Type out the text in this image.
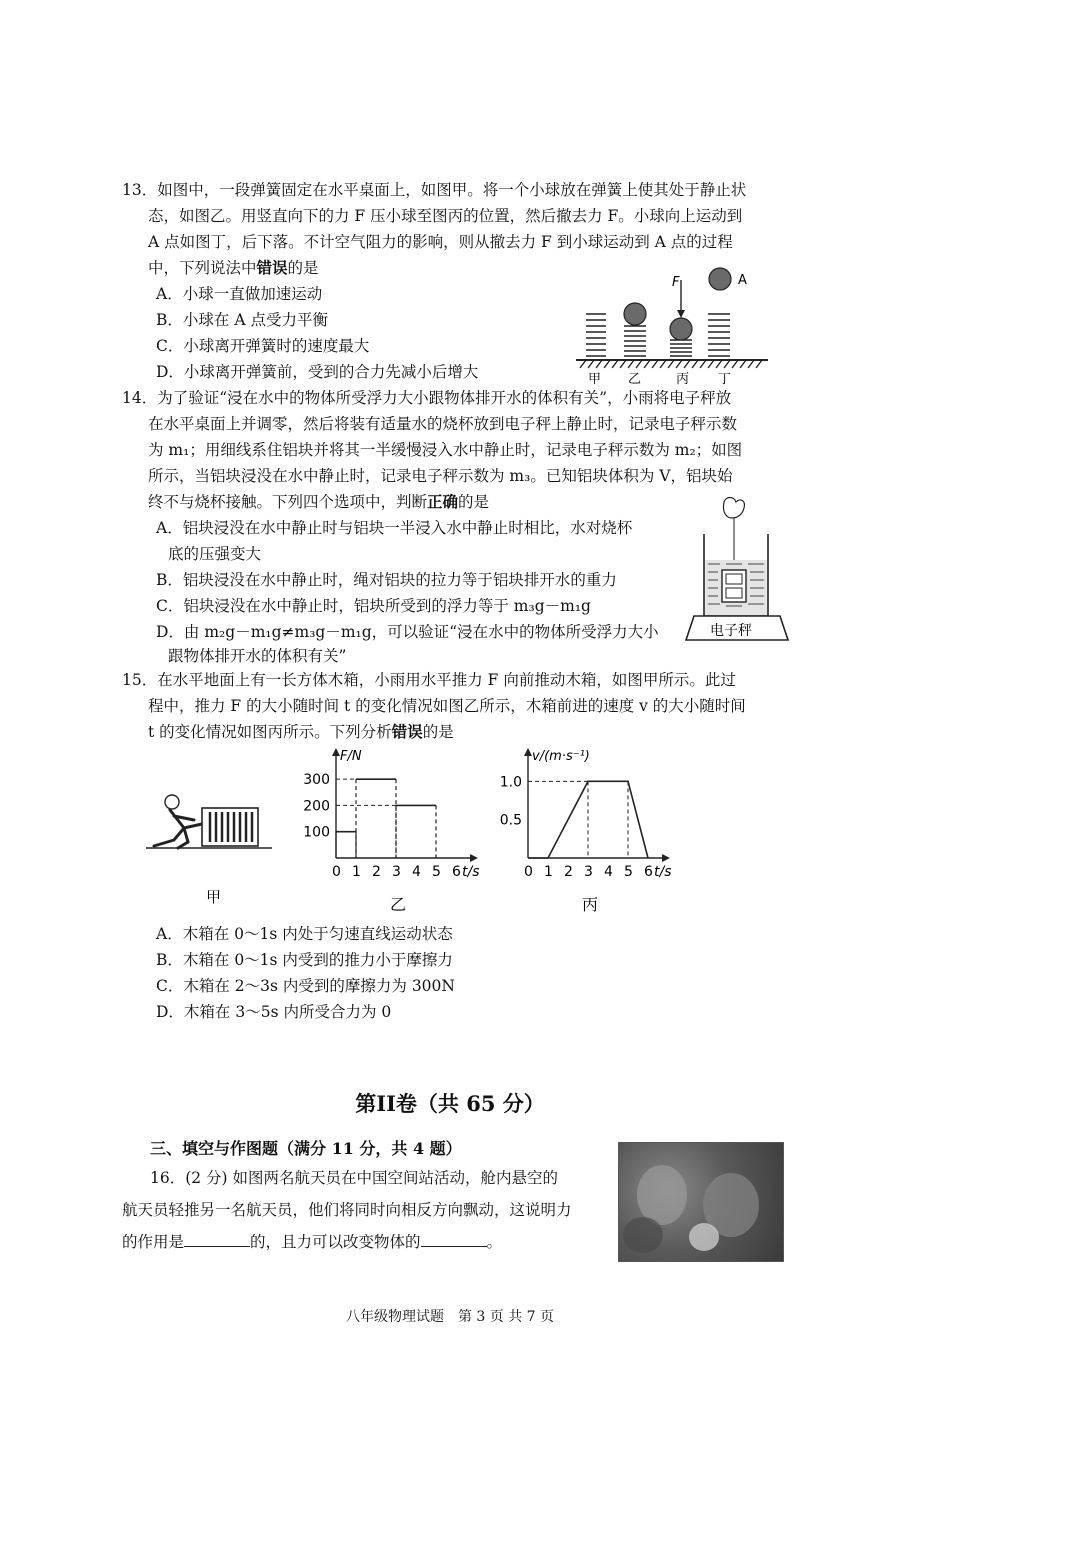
13．如图中，一段弹簧固定在水平桌面上，如图甲。将一个小球放在弹簧上使其处于静止状
态，如图乙。用竖直向下的力 F 压小球至图丙的位置，然后撤去力 F。小球向上运动到
A 点如图丁，后下落。不计空气阻力的影响，则从撤去力 F 到小球运动到 A 点的过程
中，下列说法中错误的是
A．小球一直做加速运动
B．小球在 A 点受力平衡
C．小球离开弹簧时的速度最大
D．小球离开弹簧前，受到的合力先减小后增大
F	A
甲 乙	丙 丁
14．为了验证“浸在水中的物体所受浮力大小跟物体排开水的体积有关”，小雨将电子秤放
在水平桌面上并调零，然后将装有适量水的烧杯放到电子秤上静止时，记录电子秤示数
为 m₁；用细线系住铝块并将其一半缓慢浸入水中静止时，记录电子秤示数为 m₂；如图
所示，当铝块浸没在水中静止时，记录电子秤示数为 m₃。已知铝块体积为 V，铝块始
终不与烧杯接触。下列四个选项中，判断正确的是
A．铝块浸没在水中静止时与铝块一半浸入水中静止时相比，水对烧杯
底的压强变大
B．铝块浸没在水中静止时，绳对铝块的拉力等于铝块排开水的重力
C．铝块浸没在水中静止时，铝块所受到的浮力等于 m₃g－m₁g
D．由 m₂g－m₁g≠m₃g－m₁g，可以验证“浸在水中的物体所受浮力大小
跟物体排开水的体积有关”
电子秤
15．在水平地面上有一长方体木箱，小雨用水平推力 F 向前推动木箱，如图甲所示。此过
程中，推力 F 的大小随时间 t 的变化情况如图乙所示，木箱前进的速度 v 的大小随时间
t 的变化情况如图丙所示。下列分析错误的是
甲
F/N
t/s
0 1 2 3 4 5 6
100
200
300
乙
v/(m·s⁻¹)
t/s
0 1 2 3 4 5 6
0.5
1.0
丙
A．木箱在 0～1s 内处于匀速直线运动状态
B．木箱在 0～1s 内受到的推力小于摩擦力
C．木箱在 2～3s 内受到的摩擦力为 300N
D．木箱在 3～5s 内所受合力为 0
第II卷（共 65 分）
三、填空与作图题（满分 11 分，共 4 题）
16．(2 分) 如图两名航天员在中国空间站活动，舱内悬空的
航天员轻推另一名航天员，他们将同时向相反方向飘动，这说明力
的作用是	的，且力可以改变物体的	。
八年级物理试题　第 3 页 共 7 页
